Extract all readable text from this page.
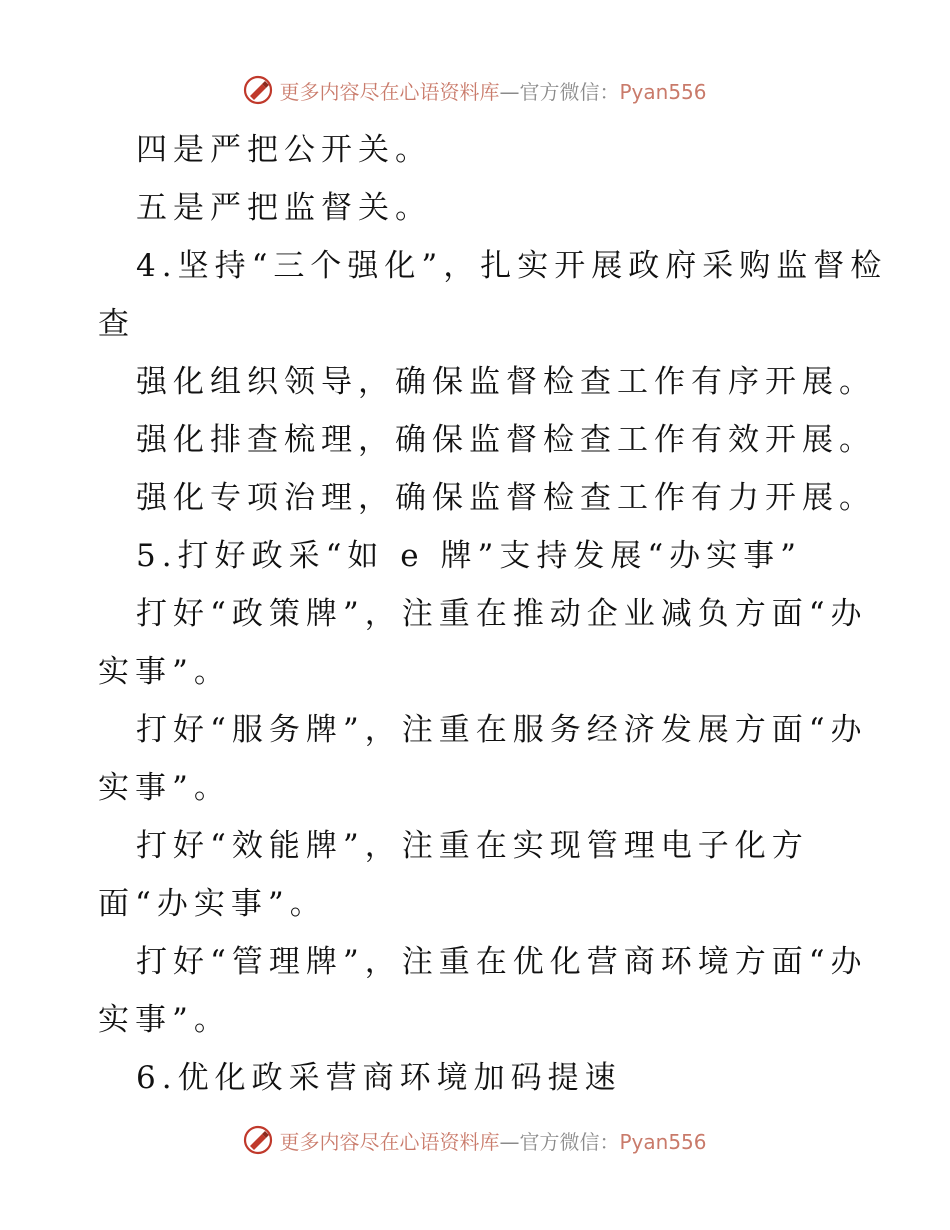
更多内容尽在心语资料库—官方微信：Pyan556
四是严把公开关。
五是严把监督关。
4.坚持“三个强化”，扎实开展政府采购监督检
查
强化组织领导，确保监督检查工作有序开展。
强化排查梳理，确保监督检查工作有效开展。
强化专项治理，确保监督检查工作有力开展。
5.打好政采“如 e 牌”支持发展“办实事”
打好“政策牌”，注重在推动企业减负方面“办
实事”。
打好“服务牌”，注重在服务经济发展方面“办
实事”。
打好“效能牌”，注重在实现管理电子化方
面“办实事”。
打好“管理牌”，注重在优化营商环境方面“办
实事”。
6.优化政采营商环境加码提速
更多内容尽在心语资料库—官方微信：Pyan556
